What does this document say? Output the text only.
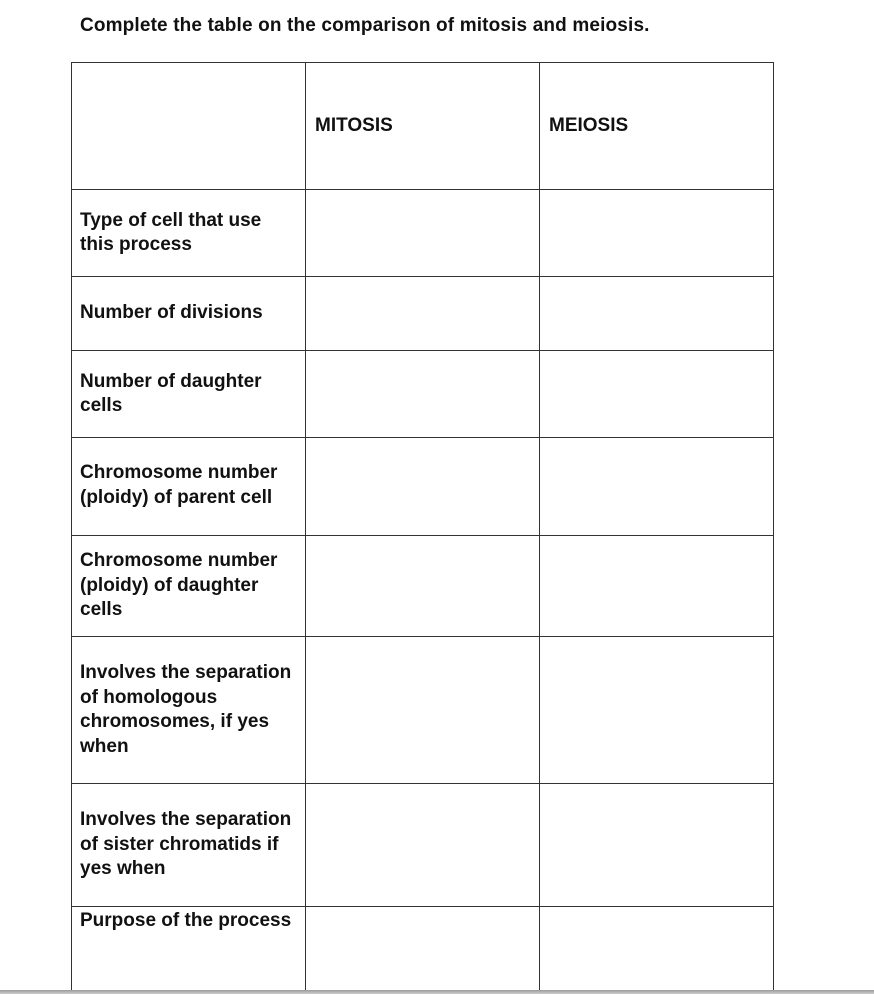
Complete the table on the comparison of mitosis and meiosis.

	MITOSIS	MEIOSIS
Type of cell that use this process		
Number of divisions		
Number of daughter cells		
Chromosome number (ploidy) of parent cell		
Chromosome number (ploidy) of daughter cells		
Involves the separation of homologous chromosomes, if yes when		
Involves the separation of sister chromatids if yes when		
Purpose of the process		
